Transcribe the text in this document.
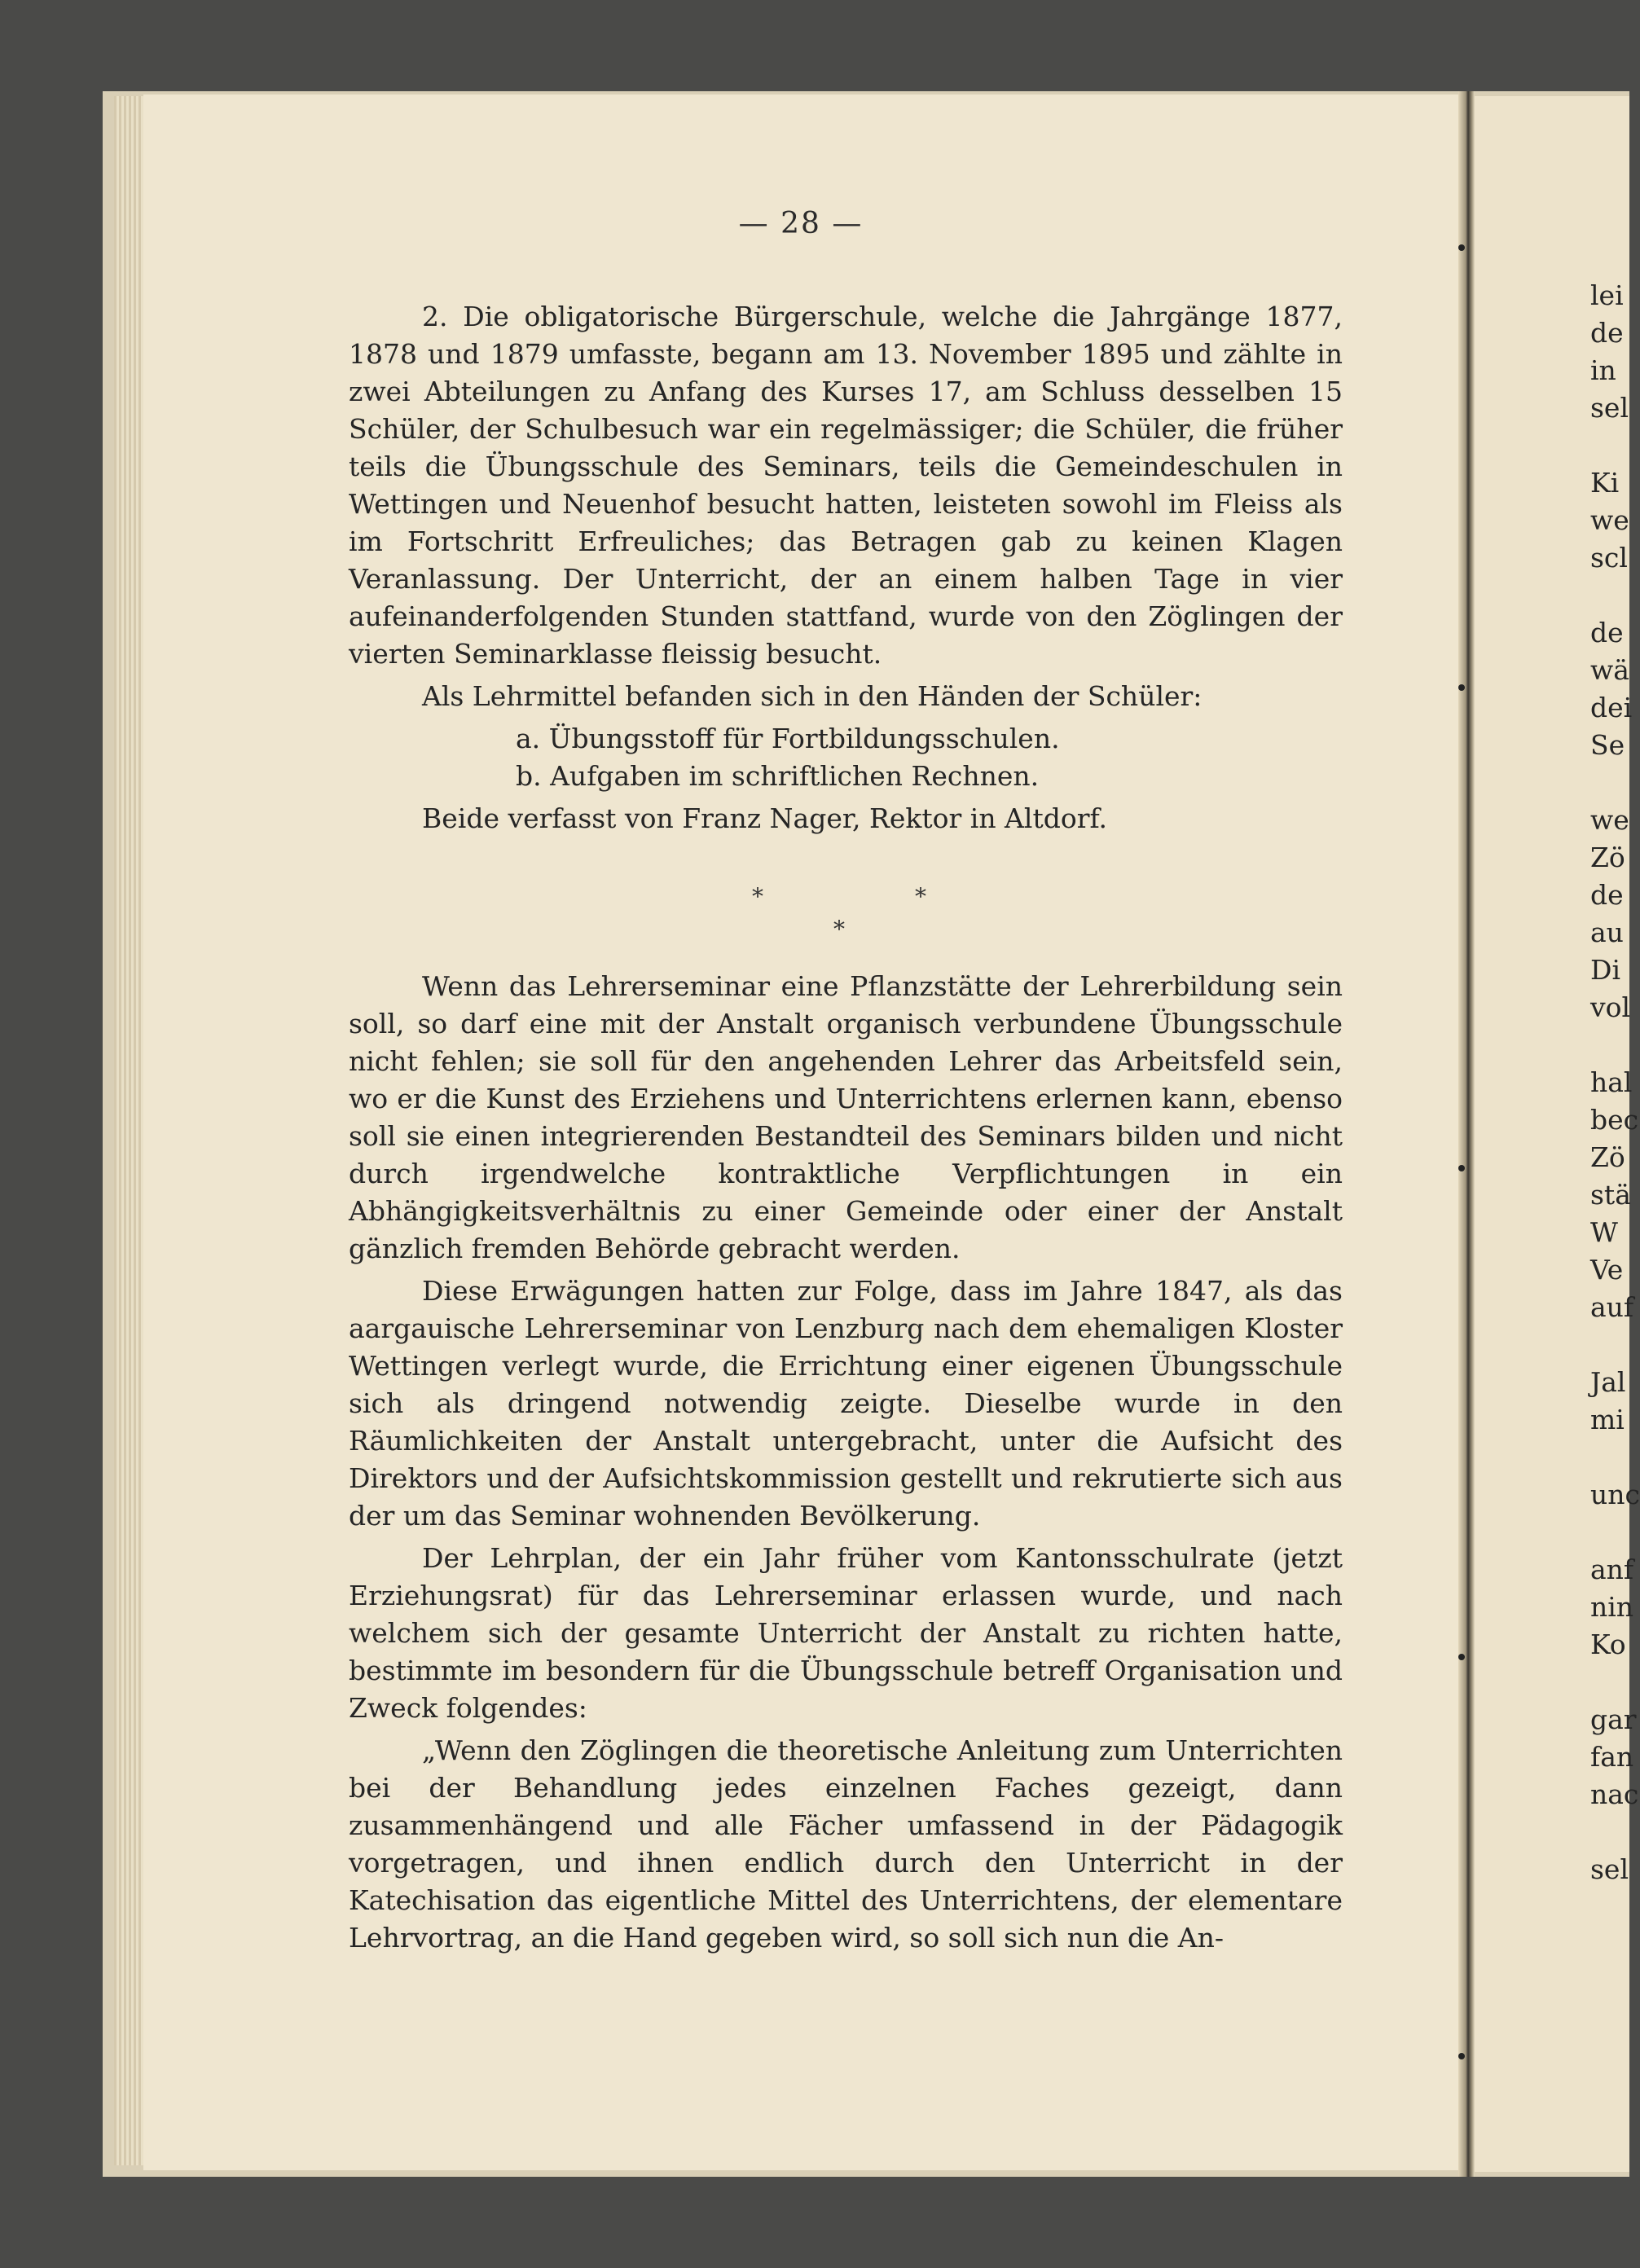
— 28 —

2. Die obligatorische Bürgerschule, welche die Jahrgänge 1877, 1878 und 1879 umfasste, begann am 13. November 1895 und zählte in zwei Abteilungen zu Anfang des Kurses 17, am Schluss desselben 15 Schüler, der Schulbesuch war ein regelmässiger; die Schüler, die früher teils die Übungsschule des Seminars, teils die Gemeindeschulen in Wettingen und Neuenhof besucht hatten, leisteten sowohl im Fleiss als im Fortschritt Erfreuliches; das Betragen gab zu keinen Klagen Veranlassung. Der Unterricht, der an einem halben Tage in vier aufeinanderfolgenden Stunden stattfand, wurde von den Zöglingen der vierten Seminarklasse fleissig besucht.

Als Lehrmittel befanden sich in den Händen der Schüler:

a. Übungsstoff für Fortbildungsschulen.
b. Aufgaben im schriftlichen Rechnen.

Beide verfasst von Franz Nager, Rektor in Altdorf.

*	*
*

Wenn das Lehrerseminar eine Pflanzstätte der Lehrerbildung sein soll, so darf eine mit der Anstalt organisch verbundene Übungsschule nicht fehlen; sie soll für den angehenden Lehrer das Arbeitsfeld sein, wo er die Kunst des Erziehens und Unterrichtens erlernen kann, ebenso soll sie einen integrierenden Bestandteil des Seminars bilden und nicht durch irgendwelche kontraktliche Verpflichtungen in ein Abhängigkeitsverhältnis zu einer Gemeinde oder einer der Anstalt gänzlich fremden Behörde gebracht werden.

Diese Erwägungen hatten zur Folge, dass im Jahre 1847, als das aargauische Lehrerseminar von Lenzburg nach dem ehemaligen Kloster Wettingen verlegt wurde, die Errichtung einer eigenen Übungsschule sich als dringend notwendig zeigte. Dieselbe wurde in den Räumlichkeiten der Anstalt untergebracht, unter die Aufsicht des Direktors und der Aufsichtskommission gestellt und rekrutierte sich aus der um das Seminar wohnenden Bevölkerung.

Der Lehrplan, der ein Jahr früher vom Kantonsschulrate (jetzt Erziehungsrat) für das Lehrerseminar erlassen wurde, und nach welchem sich der gesamte Unterricht der Anstalt zu richten hatte, bestimmte im besondern für die Übungsschule betreff Organisation und Zweck folgendes:

„Wenn den Zöglingen die theoretische Anleitung zum Unterrichten bei der Behandlung jedes einzelnen Faches gezeigt, dann zusammenhängend und alle Fächer umfassend in der Pädagogik vorgetragen, und ihnen endlich durch den Unterricht in der Katechisation das eigentliche Mittel des Unterrichtens, der elementare Lehrvortrag, an die Hand gegeben wird, so soll sich nun die An-

lei
de
in
sel
Ki
we
scl
de
wä
dei
Se
we
Zö
de
au
Di
vol
hal
bec
Zö
stä
W
Ve
auf
Jal
mi
unc
anf
nin
Ko
gar
fan
nac
sel
